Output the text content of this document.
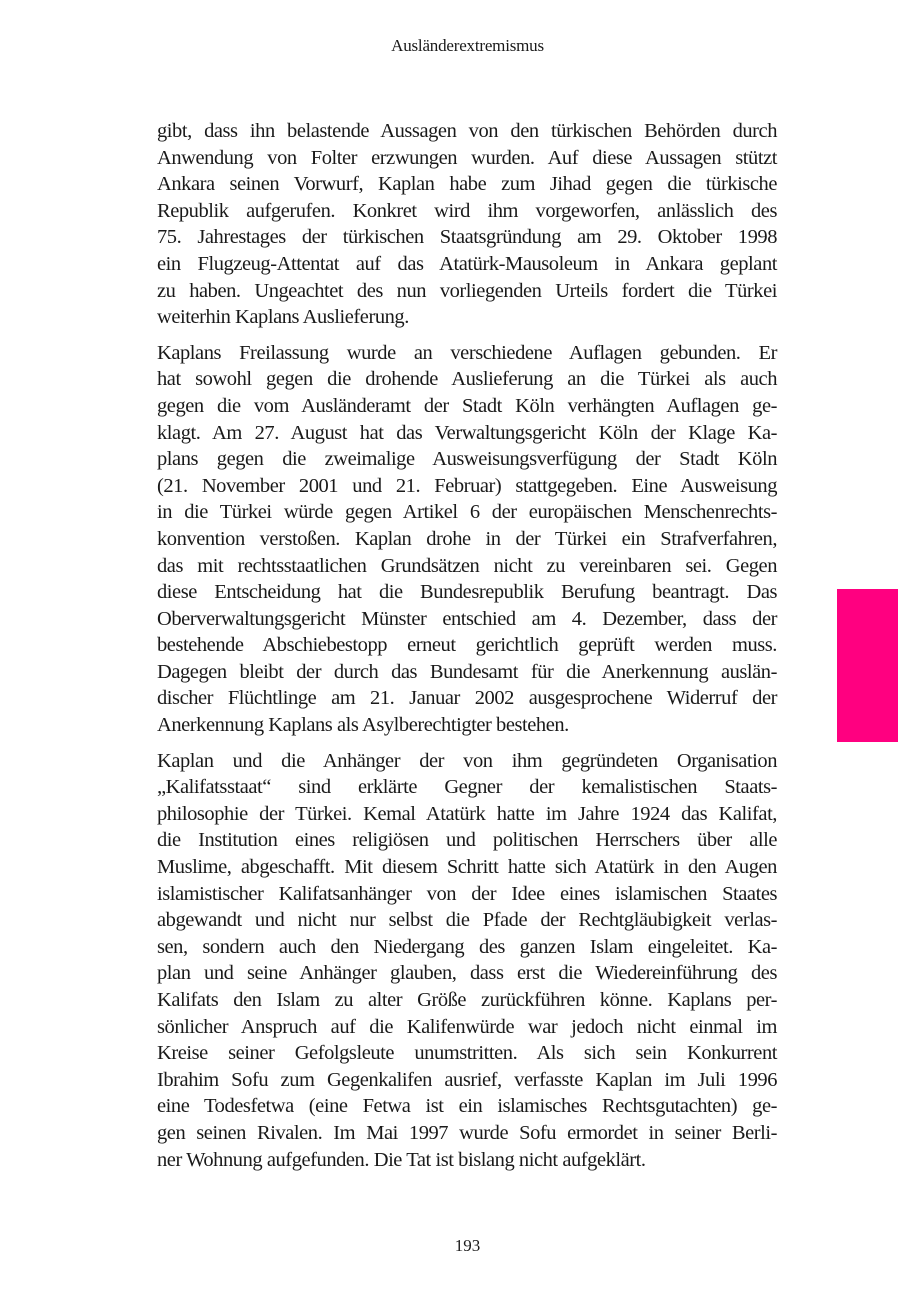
Ausländerextremismus

gibt, dass ihn belastende Aussagen von den türkischen Behörden durch
Anwendung von Folter erzwungen wurden. Auf diese Aussagen stützt
Ankara seinen Vorwurf, Kaplan habe zum Jihad gegen die türkische
Republik aufgerufen. Konkret wird ihm vorgeworfen, anlässlich des
75. Jahrestages der türkischen Staatsgründung am 29. Oktober 1998
ein Flugzeug-Attentat auf das Atatürk-Mausoleum in Ankara geplant
zu haben. Ungeachtet des nun vorliegenden Urteils fordert die Türkei
weiterhin Kaplans Auslieferung.

Kaplans Freilassung wurde an verschiedene Auflagen gebunden. Er
hat sowohl gegen die drohende Auslieferung an die Türkei als auch
gegen die vom Ausländeramt der Stadt Köln verhängten Auflagen ge-
klagt. Am 27. August hat das Verwaltungsgericht Köln der Klage Ka-
plans gegen die zweimalige Ausweisungsverfügung der Stadt Köln
(21. November 2001 und 21. Februar) stattgegeben. Eine Ausweisung
in die Türkei würde gegen Artikel 6 der europäischen Menschenrechts-
konvention verstoßen. Kaplan drohe in der Türkei ein Strafverfahren,
das mit rechtsstaatlichen Grundsätzen nicht zu vereinbaren sei. Gegen
diese Entscheidung hat die Bundesrepublik Berufung beantragt. Das
Oberverwaltungsgericht Münster entschied am 4. Dezember, dass der
bestehende Abschiebestopp erneut gerichtlich geprüft werden muss.
Dagegen bleibt der durch das Bundesamt für die Anerkennung auslän-
discher Flüchtlinge am 21. Januar 2002 ausgesprochene Widerruf der
Anerkennung Kaplans als Asylberechtigter bestehen.

Kaplan und die Anhänger der von ihm gegründeten Organisation
„Kalifatsstaat“ sind erklärte Gegner der kemalistischen Staats-
philosophie der Türkei. Kemal Atatürk hatte im Jahre 1924 das Kalifat,
die Institution eines religiösen und politischen Herrschers über alle
Muslime, abgeschafft. Mit diesem Schritt hatte sich Atatürk in den Augen
islamistischer Kalifatsanhänger von der Idee eines islamischen Staates
abgewandt und nicht nur selbst die Pfade der Rechtgläubigkeit verlas-
sen, sondern auch den Niedergang des ganzen Islam eingeleitet. Ka-
plan und seine Anhänger glauben, dass erst die Wiedereinführung des
Kalifats den Islam zu alter Größe zurückführen könne. Kaplans per-
sönlicher Anspruch auf die Kalifenwürde war jedoch nicht einmal im
Kreise seiner Gefolgsleute unumstritten. Als sich sein Konkurrent
Ibrahim Sofu zum Gegenkalifen ausrief, verfasste Kaplan im Juli 1996
eine Todesfetwa (eine Fetwa ist ein islamisches Rechtsgutachten) ge-
gen seinen Rivalen. Im Mai 1997 wurde Sofu ermordet in seiner Berli-
ner Wohnung aufgefunden. Die Tat ist bislang nicht aufgeklärt.

193
